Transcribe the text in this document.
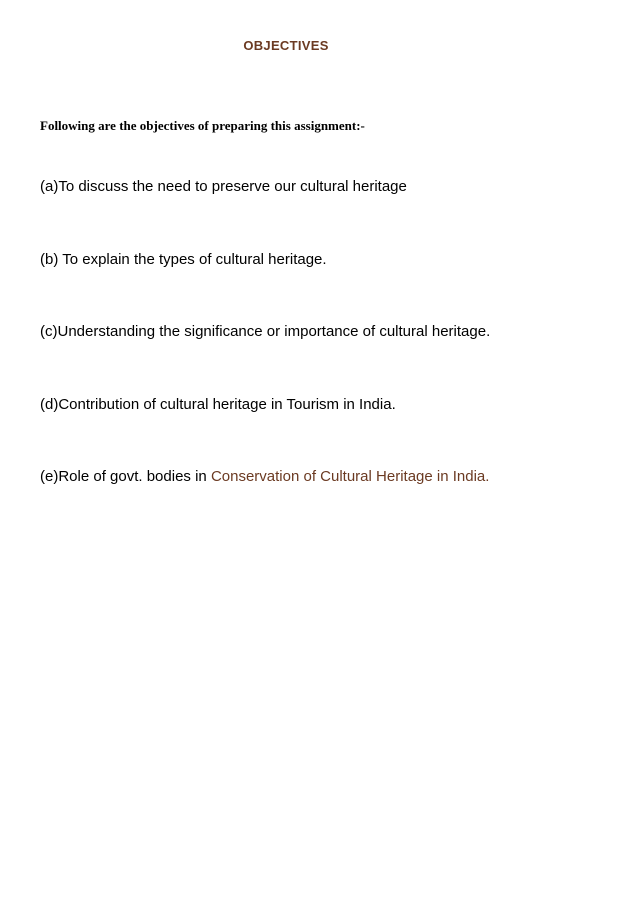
OBJECTIVES
Following are the objectives of preparing this assignment:-
(a)To discuss the need to preserve our cultural heritage
(b) To explain the types of cultural heritage.
(c)Understanding the significance or importance of cultural heritage.
(d)Contribution of cultural heritage in Tourism in India.
(e)Role of govt. bodies in Conservation of Cultural Heritage in India.
